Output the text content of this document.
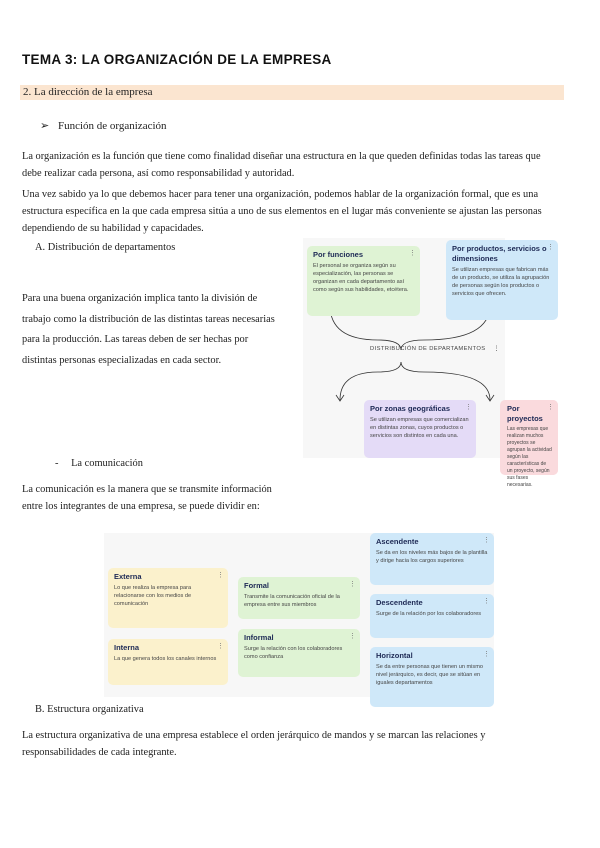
TEMA 3: LA ORGANIZACIÓN DE LA EMPRESA
2. La dirección de la empresa
➢ Función de organización
La organización es la función que tiene como finalidad diseñar una estructura en la que queden definidas todas las tareas que
debe realizar cada persona, así como responsabilidad y autoridad.
Una vez sabido ya lo que debemos hacer para tener una organización, podemos hablar de la organización formal, que es una
estructura específica en la que cada empresa sitúa a uno de sus elementos en el lugar más conveniente se ajustan las personas
dependiendo de su habilidad y capacidades.
A. Distribución de departamentos
Para una buena organización implica tanto la división de
trabajo como la distribución de las distintas tareas necesarias
para la producción. Las tareas deben de ser hechas por
distintas personas especializadas en cada sector.
⋮
Por funciones
El personal se organiza según su especialización, las personas se organizan en cada departamento así como según sus habilidades, etcétera.
⋮
Por productos, servicios o dimensiones
Se utilizan empresas que fabrican más de un producto, se utiliza la agrupación de personas según los productos o servicios que ofrecen.
DISTRIBUCIÓN DE DEPARTAMENTOS ⋮
⋮
Por zonas geográficas
Se utilizan empresas que comercializan en distintas zonas, cuyos productos o servicios son distintos en cada una.
⋮
Por proyectos
Las empresas que realizan muchos proyectos se agrupan la actividad según las características de un proyecto, según sus fases necesarias.
- La comunicación
La comunicación es la manera que se transmite información
entre los integrantes de una empresa, se puede dividir en:
⋮
Externa
Lo que realiza la empresa para relacionarse con los medios de comunicación
⋮
Interna
La que genera todos los canales internos
⋮
Formal
Transmite la comunicación oficial de la empresa entre sus miembros
⋮
Informal
Surge la relación con los colaboradores como confianza
⋮
Ascendente
Se da en los niveles más bajos de la plantilla y dirige hacia los cargos superiores
⋮
Descendente
Surge de la relación por los colaboradores
⋮
Horizontal
Se da entre personas que tienen un mismo nivel jerárquico, es decir, que se sitúan en iguales departamentos
B. Estructura organizativa
La estructura organizativa de una empresa establece el orden jerárquico de mandos y se marcan las relaciones y
responsabilidades de cada integrante.
